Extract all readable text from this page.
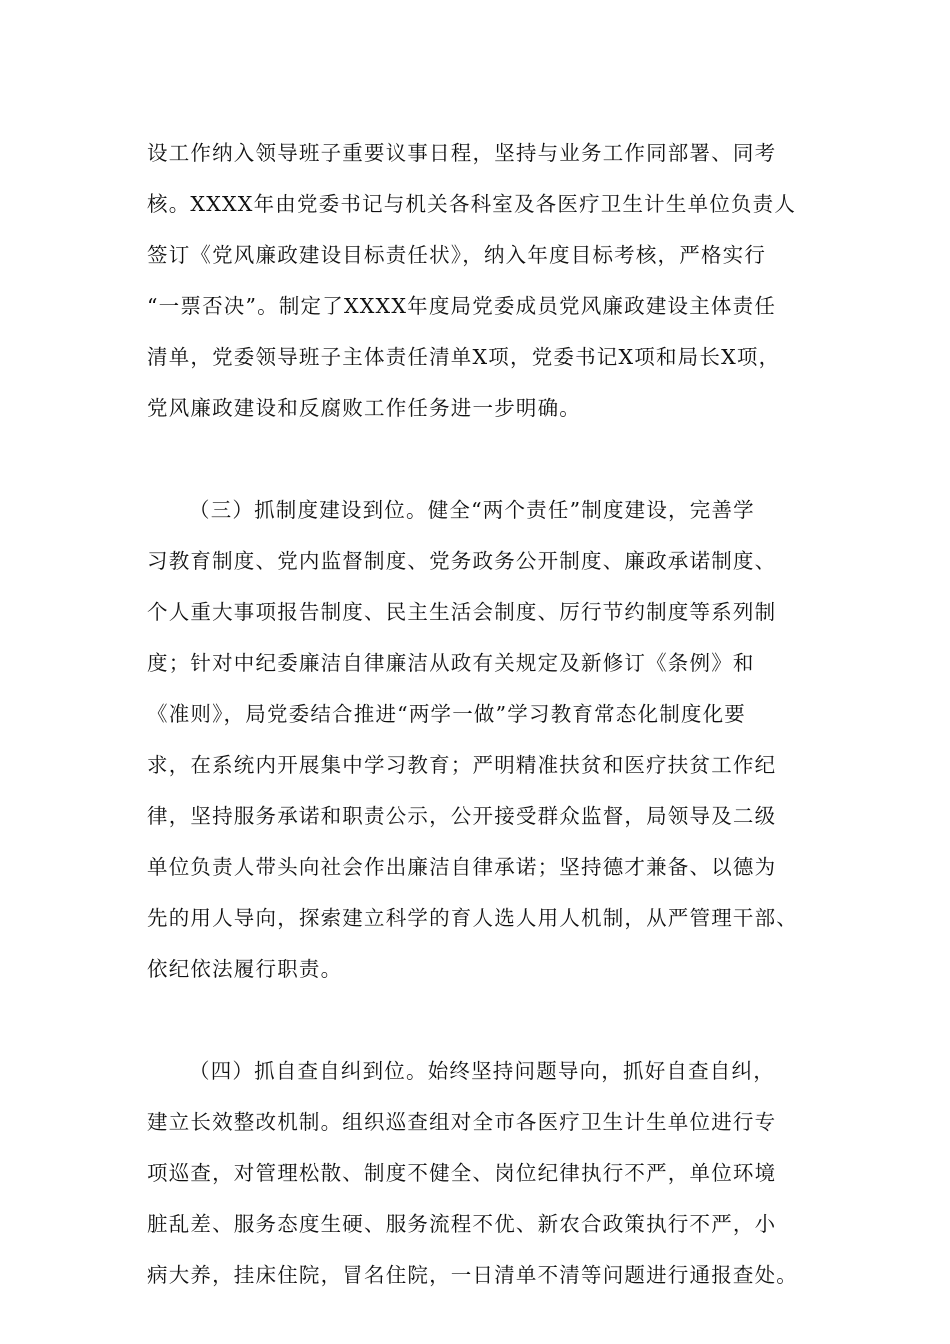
设工作纳入领导班子重要议事日程，坚持与业务工作同部署、同考
核。XXXX年由党委书记与机关各科室及各医疗卫生计生单位负责人
签订《党风廉政建设目标责任状》，纳入年度目标考核，严格实行
“一票否决”。制定了XXXX年度局党委成员党风廉政建设主体责任
清单，党委领导班子主体责任清单X项，党委书记X项和局长X项，
党风廉政建设和反腐败工作任务进一步明确。
（三）抓制度建设到位。健全“两个责任”制度建设，完善学
习教育制度、党内监督制度、党务政务公开制度、廉政承诺制度、
个人重大事项报告制度、民主生活会制度、厉行节约制度等系列制
度；针对中纪委廉洁自律廉洁从政有关规定及新修订《条例》和
《准则》，局党委结合推进“两学一做”学习教育常态化制度化要
求，在系统内开展集中学习教育；严明精准扶贫和医疗扶贫工作纪
律，坚持服务承诺和职责公示，公开接受群众监督，局领导及二级
单位负责人带头向社会作出廉洁自律承诺；坚持德才兼备、以德为
先的用人导向，探索建立科学的育人选人用人机制，从严管理干部、
依纪依法履行职责。
（四）抓自查自纠到位。始终坚持问题导向，抓好自查自纠，
建立长效整改机制。组织巡查组对全市各医疗卫生计生单位进行专
项巡查，对管理松散、制度不健全、岗位纪律执行不严，单位环境
脏乱差、服务态度生硬、服务流程不优、新农合政策执行不严，小
病大养，挂床住院，冒名住院，一日清单不清等问题进行通报查处。
